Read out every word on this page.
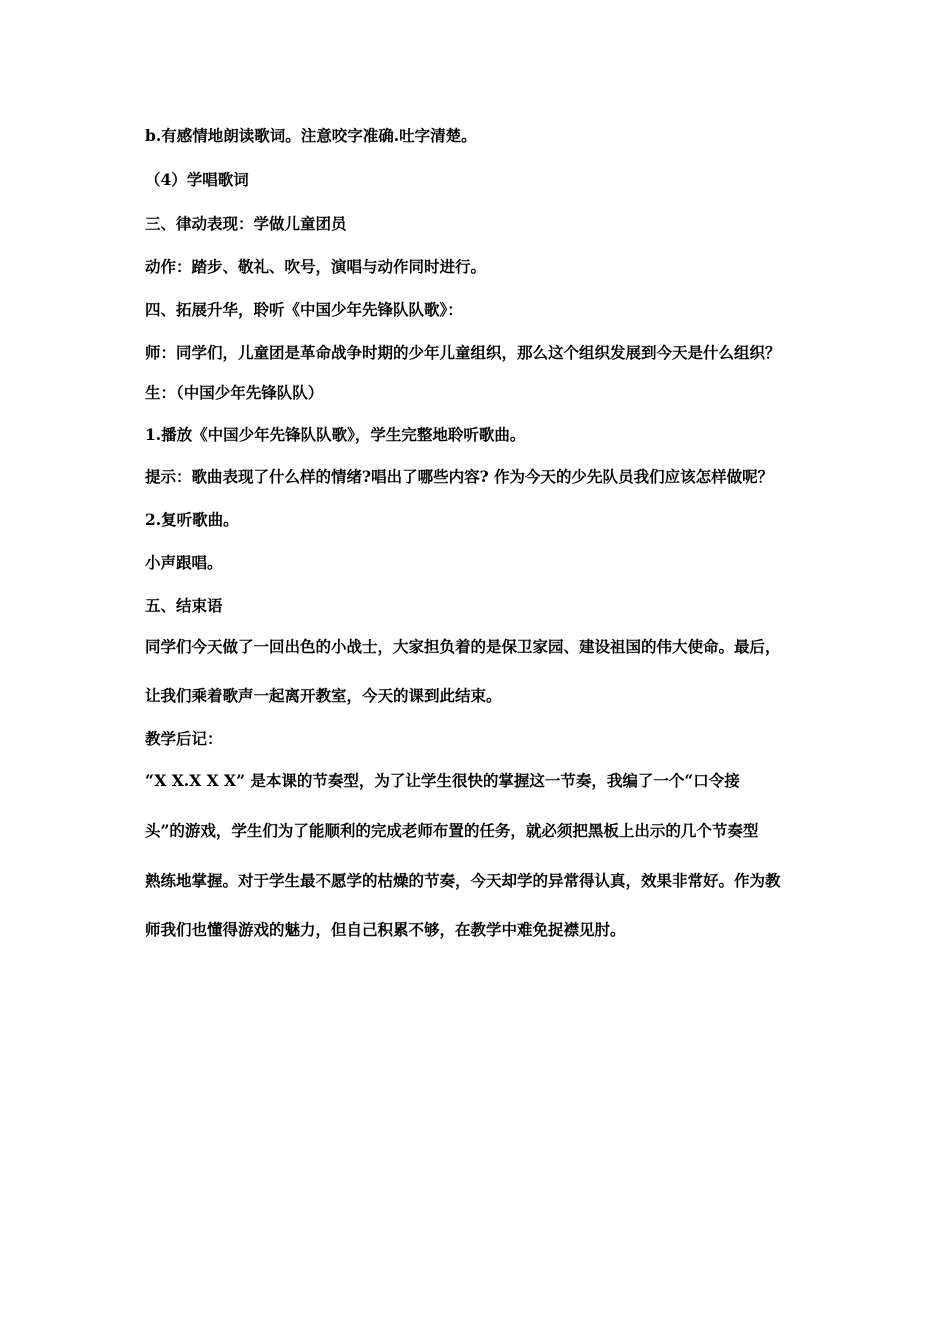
b.有感情地朗读歌词。注意咬字准确.吐字清楚。
（4）学唱歌词
三、律动表现：学做儿童团员
动作：踏步、敬礼、吹号，演唱与动作同时进行。
四、拓展升华，聆听《中国少年先锋队队歌》：
师：同学们，儿童团是革命战争时期的少年儿童组织，那么这个组织发展到今天是什么组织？
生：（中国少年先锋队队）
1.播放《中国少年先锋队队歌》，学生完整地聆听歌曲。
提示：歌曲表现了什么样的情绪?唱出了哪些内容? 作为今天的少先队员我们应该怎样做呢？
2.复听歌曲。
小声跟唱。
五、结束语
同学们今天做了一回出色的小战士，大家担负着的是保卫家园、建设祖国的伟大使命。最后，
让我们乘着歌声一起离开教室，今天的课到此结束。
教学后记：
“X X.X X X” 是本课的节奏型，为了让学生很快的掌握这一节奏，我编了一个“口令接
头”的游戏，学生们为了能顺利的完成老师布置的任务，就必须把黑板上出示的几个节奏型
熟练地掌握。对于学生最不愿学的枯燥的节奏，今天却学的异常得认真，效果非常好。作为教
师我们也懂得游戏的魅力，但自己积累不够，在教学中难免捉襟见肘。
